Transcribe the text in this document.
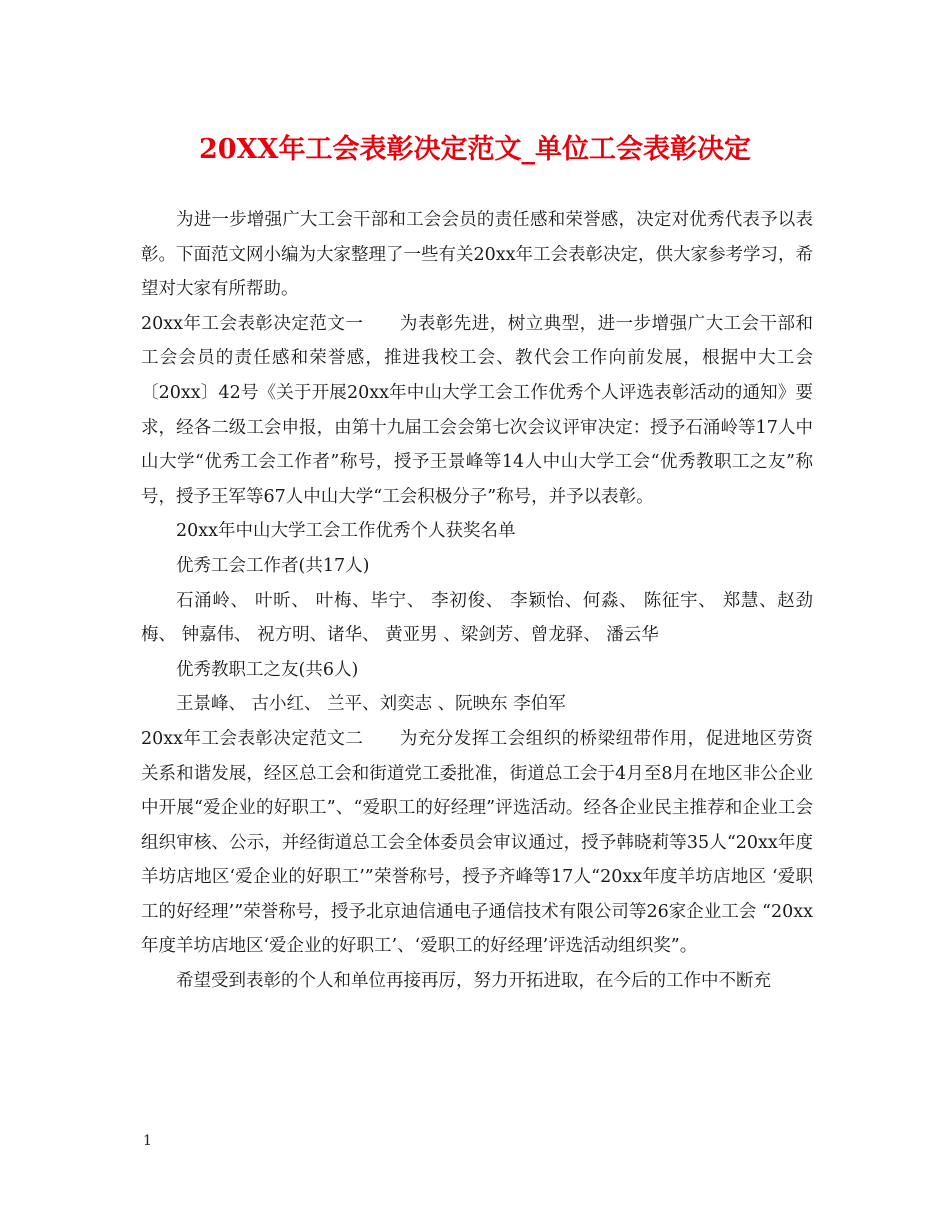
20XX年工会表彰决定范文_单位工会表彰决定

为进一步增强广大工会干部和工会会员的责任感和荣誉感，决定对优秀代表予以表彰。下面范文网小编为大家整理了一些有关20xx年工会表彰决定，供大家参考学习，希望对大家有所帮助。

20xx年工会表彰决定范文一 为表彰先进，树立典型，进一步增强广大工会干部和工会会员的责任感和荣誉感，推进我校工会、教代会工作向前发展，根据中大工会〔20xx〕42号《关于开展20xx年中山大学工会工作优秀个人评选表彰活动的通知》要求，经各二级工会申报，由第十九届工会会第七次会议评审决定：授予石涌岭等17人中山大学“优秀工会工作者”称号，授予王景峰等14人中山大学工会“优秀教职工之友”称号，授予王军等67人中山大学“工会积极分子”称号，并予以表彰。

20xx年中山大学工会工作优秀个人获奖名单

优秀工会工作者(共17人)

石涌岭、 叶昕、 叶梅、毕宁、 李初俊、 李颖怡、何淼、 陈征宇、 郑慧、赵劲梅、 钟嘉伟、 祝方明、诸华、 黄亚男 、梁剑芳、曾龙驿、 潘云华

优秀教职工之友(共6人)

王景峰、 古小红、 兰平、刘奕志 、阮映东 李伯军

20xx年工会表彰决定范文二 为充分发挥工会组织的桥梁纽带作用，促进地区劳资关系和谐发展，经区总工会和街道党工委批准，街道总工会于4月至8月在地区非公企业中开展“爱企业的好职工”、“爱职工的好经理”评选活动。经各企业民主推荐和企业工会组织审核、公示，并经街道总工会全体委员会审议通过，授予韩晓莉等35人“20xx年度羊坊店地区‘爱企业的好职工’”荣誉称号，授予齐峰等17人“20xx年度羊坊店地区 ‘爱职工的好经理’”荣誉称号，授予北京迪信通电子通信技术有限公司等26家企业工会 “20xx年度羊坊店地区‘爱企业的好职工’、‘爱职工的好经理’评选活动组织奖”。

希望受到表彰的个人和单位再接再厉，努力开拓进取，在今后的工作中不断充

1
